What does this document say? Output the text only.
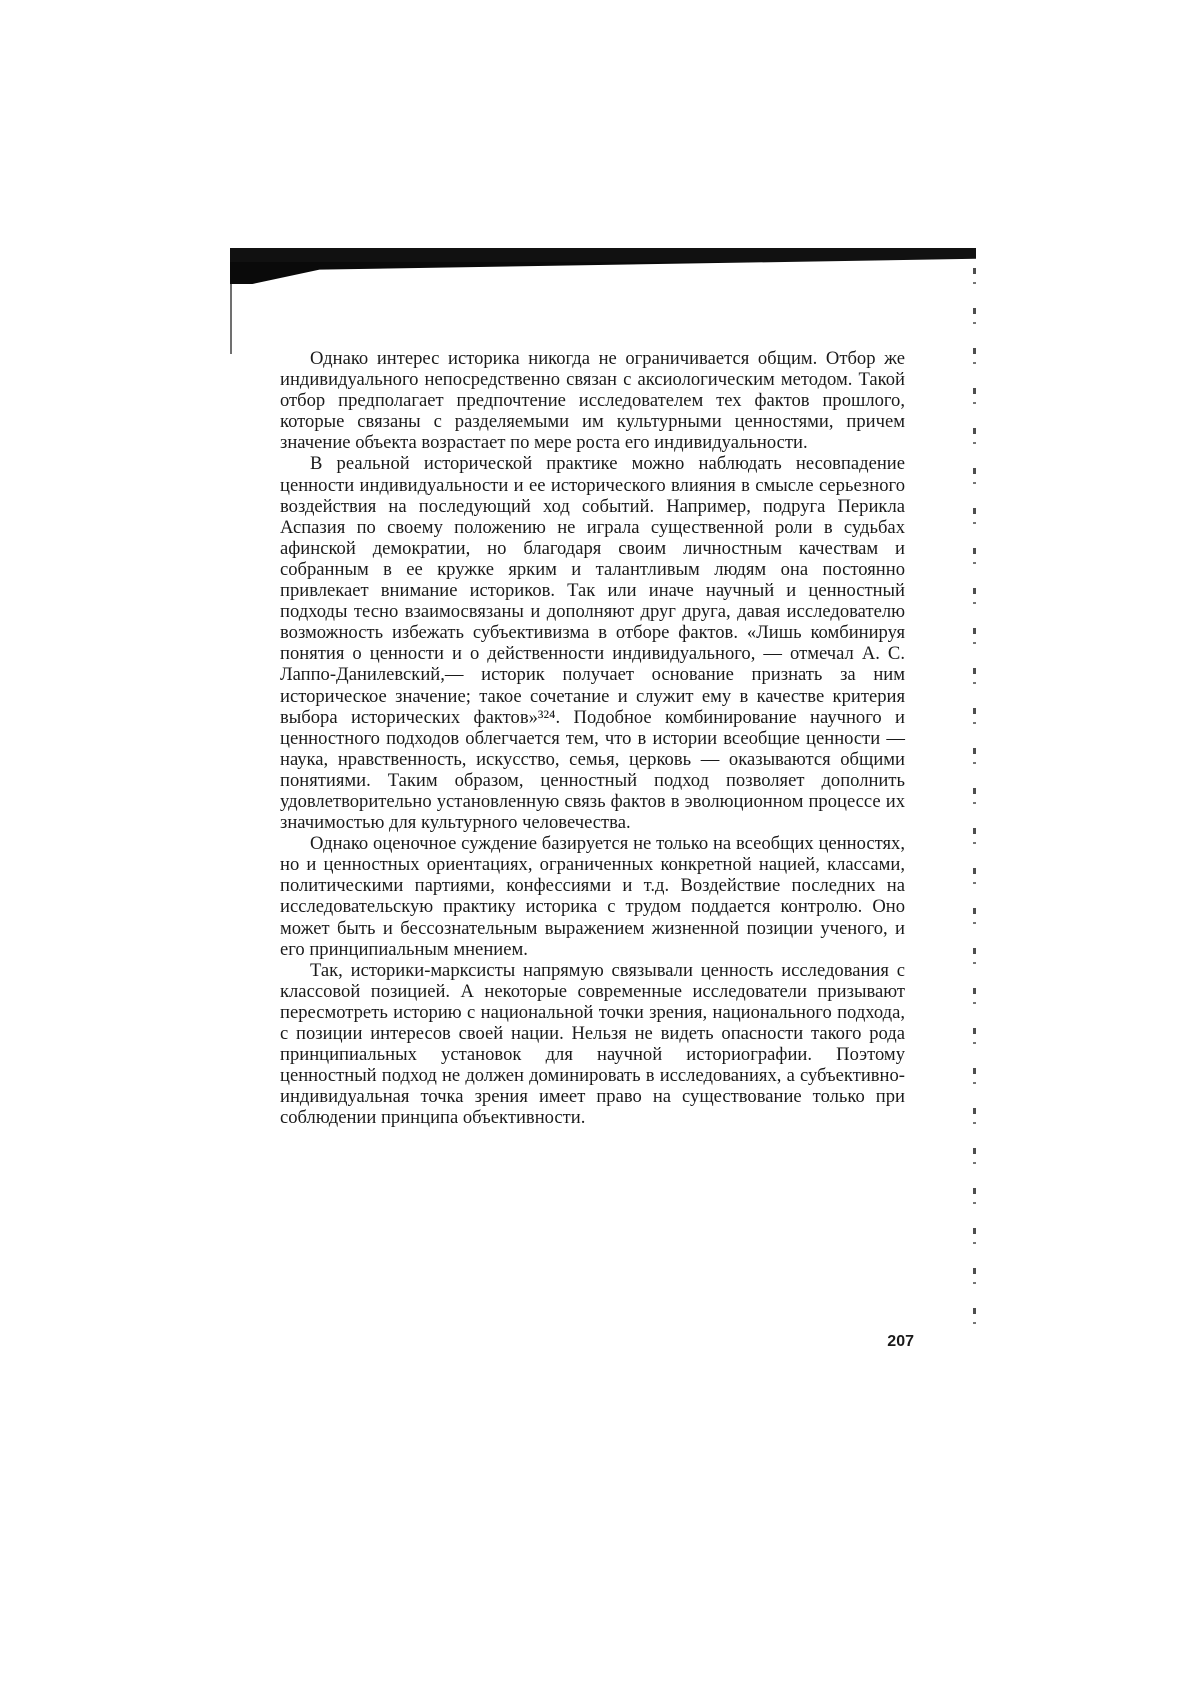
Однако интерес историка никогда не ограничивается общим. Отбор же индивидуального непосредственно связан с аксиологическим методом. Такой отбор предполагает предпочтение исследователем тех фактов прошлого, которые связаны с разделяемыми им культурными ценностями, причем значение объекта возрастает по мере роста его индивидуальности.

В реальной исторической практике можно наблюдать несовпадение ценности индивидуальности и ее исторического влияния в смысле серьезного воздействия на последующий ход событий. Например, подруга Перикла Аспазия по своему положению не играла существенной роли в судьбах афинской демократии, но благодаря своим личностным качествам и собранным в ее кружке ярким и талантливым людям она постоянно привлекает внимание историков. Так или иначе научный и ценностный подходы тесно взаимосвязаны и дополняют друг друга, давая исследователю возможность избежать субъективизма в отборе фактов. «Лишь комбинируя понятия о ценности и о действенности индивидуального, — отмечал А. С. Лаппо-Данилевский,— историк получает основание признать за ним историческое значение; такое сочетание и служит ему в качестве критерия выбора исторических фактов»³²⁴. Подобное комбинирование научного и ценностного подходов облегчается тем, что в истории всеобщие ценности — наука, нравственность, искусство, семья, церковь — оказываются общими понятиями. Таким образом, ценностный подход позволяет дополнить удовлетворительно установленную связь фактов в эволюционном процессе их значимостью для культурного человечества.

Однако оценочное суждение базируется не только на всеобщих ценностях, но и ценностных ориентациях, ограниченных конкретной нацией, классами, политическими партиями, конфессиями и т.д. Воздействие последних на исследовательскую практику историка с трудом поддается контролю. Оно может быть и бессознательным выражением жизненной позиции ученого, и его принципиальным мнением.

Так, историки-марксисты напрямую связывали ценность исследования с классовой позицией. А некоторые современные исследователи призывают пересмотреть историю с национальной точки зрения, национального подхода, с позиции интересов своей нации. Нельзя не видеть опасности такого рода принципиальных установок для научной историографии. Поэтому ценностный подход не должен доминировать в исследованиях, а субъективно-индивидуальная точка зрения имеет право на существование только при соблюдении принципа объективности.

207
